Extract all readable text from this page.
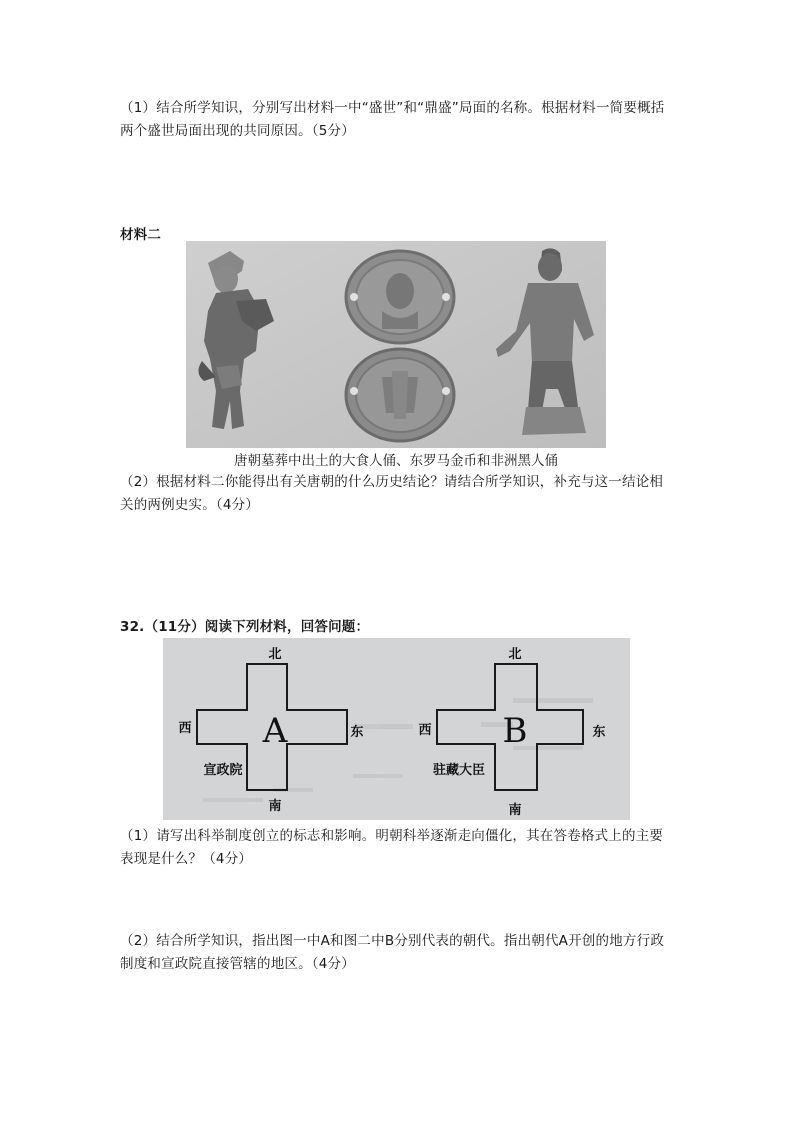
（1）结合所学知识，分别写出材料一中“盛世”和“鼎盛”局面的名称。根据材料一简要概括两个盛世局面出现的共同原因。（5分）
材料二
唐朝墓葬中出土的大食人俑、东罗马金币和非洲黑人俑
（2）根据材料二你能得出有关唐朝的什么历史结论？请结合所学知识，补充与这一结论相关的两例史实。（4分）
32.（11分）阅读下列材料，回答问题：
A
北
南
西	东
宣政院
B
北
南
西	东
驻藏大臣
（1）请写出科举制度创立的标志和影响。明朝科举逐渐走向僵化，其在答卷格式上的主要表现是什么？（4分）
（2）结合所学知识，指出图一中A和图二中B分别代表的朝代。指出朝代A开创的地方行政制度和宣政院直接管辖的地区。（4分）
